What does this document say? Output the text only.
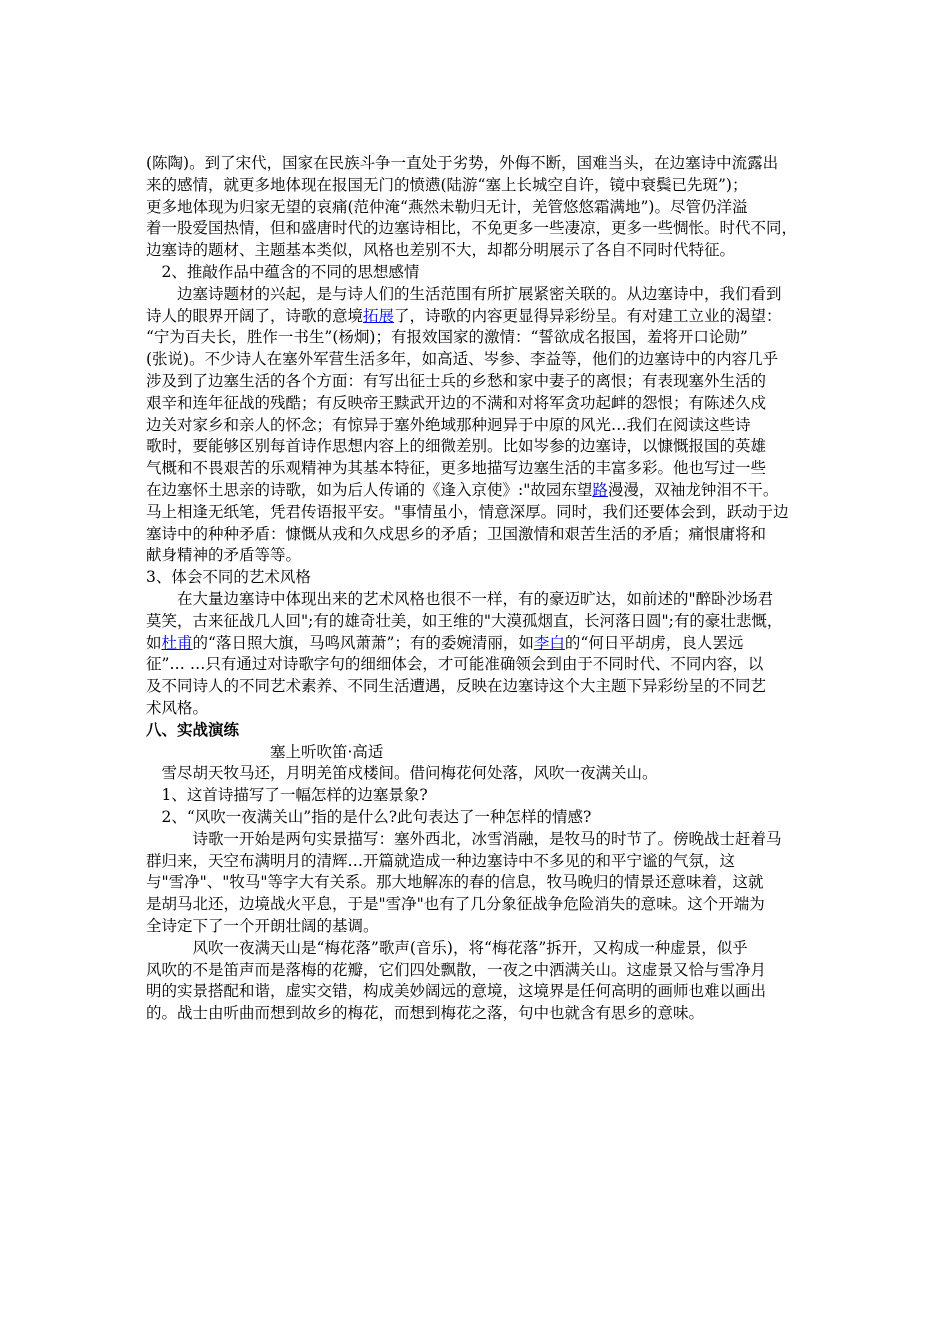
(陈陶)。到了宋代，国家在民族斗争一直处于劣势，外侮不断，国难当头，在边塞诗中流露出
来的感情，就更多地体现在报国无门的愤懑(陆游“塞上长城空自许，镜中衰鬓已先斑”)；
更多地体现为归家无望的哀痛(范仲淹“燕然未勒归无计，羌管悠悠霜满地”)。尽管仍洋溢
着一股爱国热情，但和盛唐时代的边塞诗相比，不免更多一些凄凉，更多一些惆怅。时代不同，
边塞诗的题材、主题基本类似，风格也差别不大，却都分明展示了各自不同时代特征。
　2、推敲作品中蕴含的不同的思想感情
　　边塞诗题材的兴起，是与诗人们的生活范围有所扩展紧密关联的。从边塞诗中，我们看到
诗人的眼界开阔了，诗歌的意境拓展了，诗歌的内容更显得异彩纷呈。有对建工立业的渴望：
“宁为百夫长，胜作一书生”(杨炯)；有报效国家的激情：“誓欲成名报国，羞将开口论勋”
(张说)。不少诗人在塞外军营生活多年，如高适、岑参、李益等，他们的边塞诗中的内容几乎
涉及到了边塞生活的各个方面：有写出征士兵的乡愁和家中妻子的离恨；有表现塞外生活的
艰辛和连年征战的残酷；有反映帝王黩武开边的不满和对将军贪功起衅的怨恨；有陈述久戍
边关对家乡和亲人的怀念；有惊异于塞外绝域那种迥异于中原的风光…我们在阅读这些诗
歌时，要能够区别每首诗作思想内容上的细微差别。比如岑参的边塞诗，以慷慨报国的英雄
气概和不畏艰苦的乐观精神为其基本特征，更多地描写边塞生活的丰富多彩。他也写过一些
在边塞怀土思亲的诗歌，如为后人传诵的《逢入京使》:"故园东望路漫漫，双袖龙钟泪不干。
马上相逢无纸笔，凭君传语报平安。"事情虽小，情意深厚。同时，我们还要体会到，跃动于边
塞诗中的种种矛盾：慷慨从戎和久戍思乡的矛盾；卫国激情和艰苦生活的矛盾；痛恨庸将和
献身精神的矛盾等等。
3、体会不同的艺术风格
　　在大量边塞诗中体现出来的艺术风格也很不一样，有的豪迈旷达，如前述的"醉卧沙场君
莫笑，古来征战几人回";有的雄奇壮美，如王维的"大漠孤烟直，长河落日圆";有的豪壮悲慨，
如杜甫的“落日照大旗，马鸣风萧萧”；有的委婉清丽，如李白的“何日平胡虏，良人罢远
征”… …只有通过对诗歌字句的细细体会，才可能准确领会到由于不同时代、不同内容，以
及不同诗人的不同艺术素养、不同生活遭遇，反映在边塞诗这个大主题下异彩纷呈的不同艺
术风格。
八、实战演练
　　　　　　　　塞上听吹笛·高适
　雪尽胡天牧马还，月明羌笛戍楼间。借问梅花何处落，风吹一夜满关山。
　1、这首诗描写了一幅怎样的边塞景象?
　2、“风吹一夜满关山”指的是什么?此句表达了一种怎样的情感?
　　　诗歌一开始是两句实景描写：塞外西北，冰雪消融，是牧马的时节了。傍晚战士赶着马
群归来，天空布满明月的清辉…开篇就造成一种边塞诗中不多见的和平宁谧的气氛，这
与"雪净"、"牧马"等字大有关系。那大地解冻的春的信息，牧马晚归的情景还意味着，这就
是胡马北还，边境战火平息，于是"雪净"也有了几分象征战争危险消失的意味。这个开端为
全诗定下了一个开朗壮阔的基调。
　　　风吹一夜满天山是“梅花落”歌声(音乐)，将“梅花落”拆开，又构成一种虚景，似乎
风吹的不是笛声而是落梅的花瓣，它们四处飘散，一夜之中洒满关山。这虚景又恰与雪净月
明的实景搭配和谐，虚实交错，构成美妙阔远的意境，这境界是任何高明的画师也难以画出
的。战士由听曲而想到故乡的梅花，而想到梅花之落，句中也就含有思乡的意味。
